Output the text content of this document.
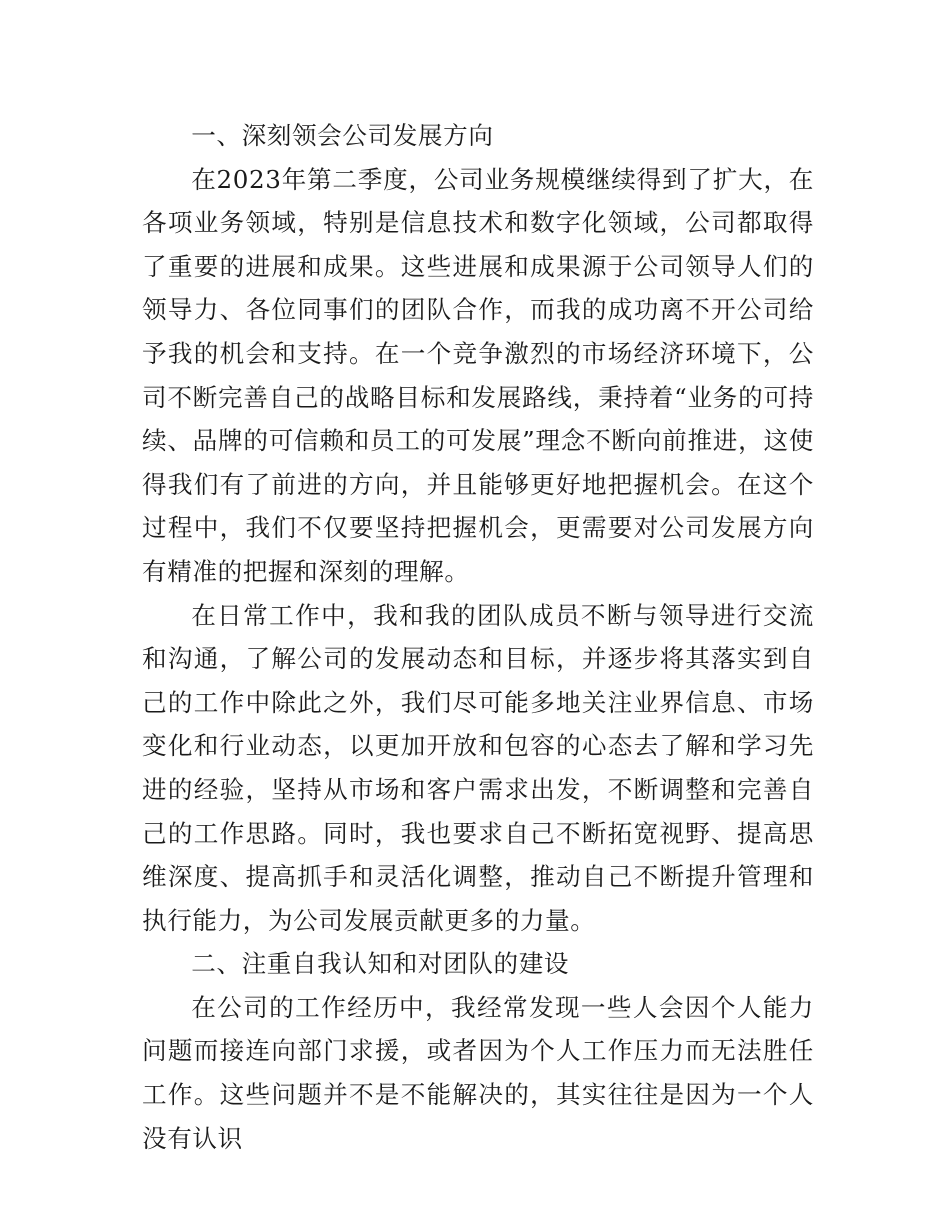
一、深刻领会公司发展方向

在2023年第二季度，公司业务规模继续得到了扩大，在各项业务领域，特别是信息技术和数字化领域，公司都取得了重要的进展和成果。这些进展和成果源于公司领导人们的领导力、各位同事们的团队合作，而我的成功离不开公司给予我的机会和支持。在一个竞争激烈的市场经济环境下，公司不断完善自己的战略目标和发展路线，秉持着“业务的可持续、品牌的可信赖和员工的可发展”理念不断向前推进，这使得我们有了前进的方向，并且能够更好地把握机会。在这个过程中，我们不仅要坚持把握机会，更需要对公司发展方向有精准的把握和深刻的理解。

在日常工作中，我和我的团队成员不断与领导进行交流和沟通，了解公司的发展动态和目标，并逐步将其落实到自己的工作中除此之外，我们尽可能多地关注业界信息、市场变化和行业动态，以更加开放和包容的心态去了解和学习先进的经验，坚持从市场和客户需求出发，不断调整和完善自己的工作思路。同时，我也要求自己不断拓宽视野、提高思维深度、提高抓手和灵活化调整，推动自己不断提升管理和执行能力，为公司发展贡献更多的力量。

二、注重自我认知和对团队的建设

在公司的工作经历中，我经常发现一些人会因个人能力问题而接连向部门求援，或者因为个人工作压力而无法胜任工作。这些问题并不是不能解决的，其实往往是因为一个人没有认识
